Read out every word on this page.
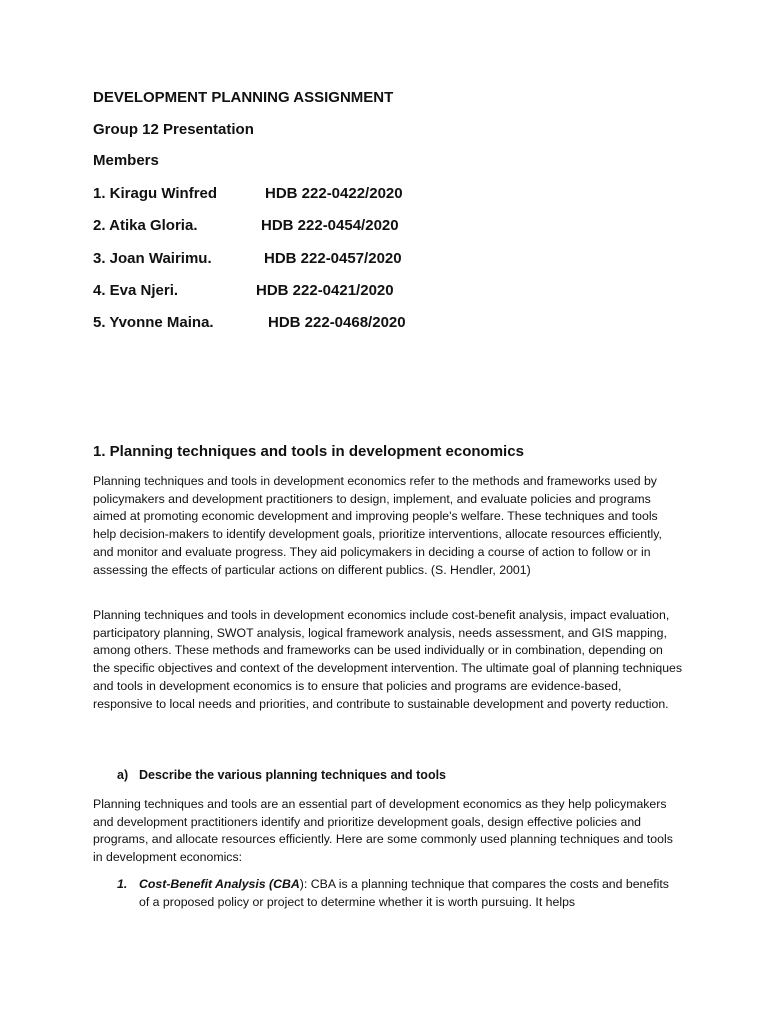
DEVELOPMENT PLANNING ASSIGNMENT
Group 12 Presentation
Members
1. Kiragu Winfred	HDB 222-0422/2020
2. Atika Gloria.	HDB 222-0454/2020
3. Joan Wairimu.	HDB 222-0457/2020
4. Eva Njeri.	HDB 222-0421/2020
5. Yvonne Maina.	HDB 222-0468/2020
1. Planning techniques and tools in development economics

Planning techniques and tools in development economics refer to the methods and frameworks used by policymakers and development practitioners to design, implement, and evaluate policies and programs aimed at promoting economic development and improving people's welfare. These techniques and tools help decision-makers to identify development goals, prioritize interventions, allocate resources efficiently, and monitor and evaluate progress. They aid policymakers in deciding a course of action to follow or in assessing the effects of particular actions on different publics. (S. Hendler, 2001)

Planning techniques and tools in development economics include cost-benefit analysis, impact evaluation, participatory planning, SWOT analysis, logical framework analysis, needs assessment, and GIS mapping, among others. These methods and frameworks can be used individually or in combination, depending on the specific objectives and context of the development intervention. The ultimate goal of planning techniques and tools in development economics is to ensure that policies and programs are evidence-based, responsive to local needs and priorities, and contribute to sustainable development and poverty reduction.

a) Describe the various planning techniques and tools

Planning techniques and tools are an essential part of development economics as they help policymakers and development practitioners identify and prioritize development goals, design effective policies and programs, and allocate resources efficiently. Here are some commonly used planning techniques and tools in development economics:

1. Cost-Benefit Analysis (CBA): CBA is a planning technique that compares the costs and benefits of a proposed policy or project to determine whether it is worth pursuing. It helps
